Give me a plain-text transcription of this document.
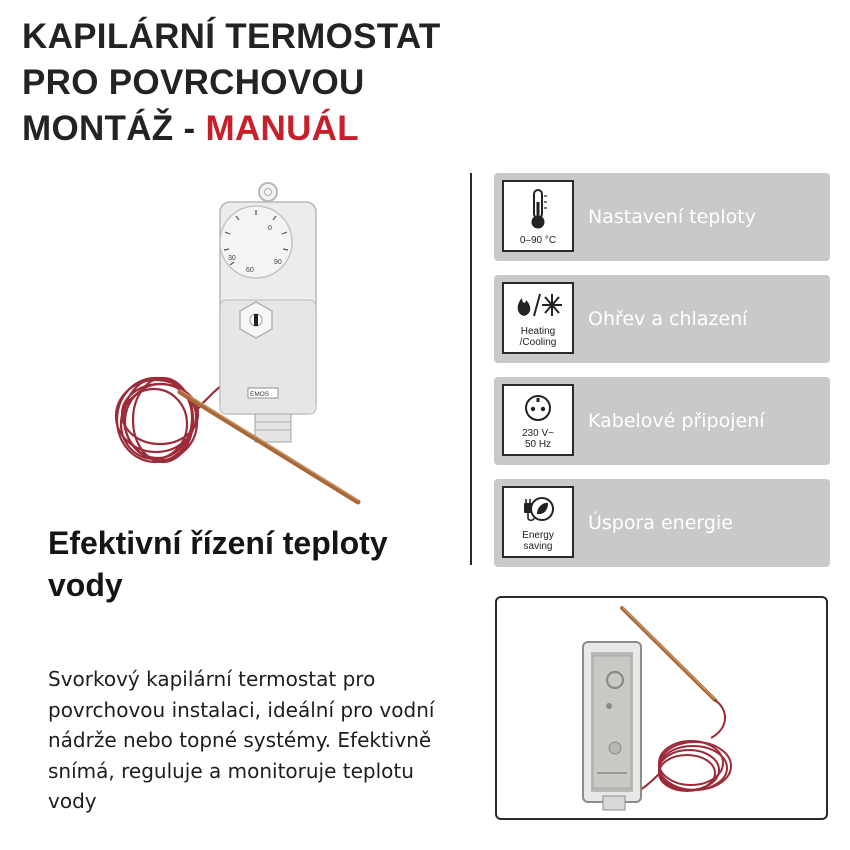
KAPILÁRNÍ TERMOSTAT
PRO POVRCHOVOU
MONTÁŽ - MANUÁL
0
30
60
90
EMOS
0–90 °C
Nastavení teploty
Heating
/Cooling
Ohřev a chlazení
230 V~
50 Hz
Kabelové připojení
Energy
saving
Úspora energie
Efektivní řízení teploty vody

Svorkový kapilární termostat pro povrchovou instalaci, ideální pro vodní nádrže nebo topné systémy. Efektivně snímá, reguluje a monitoruje teplotu vody
